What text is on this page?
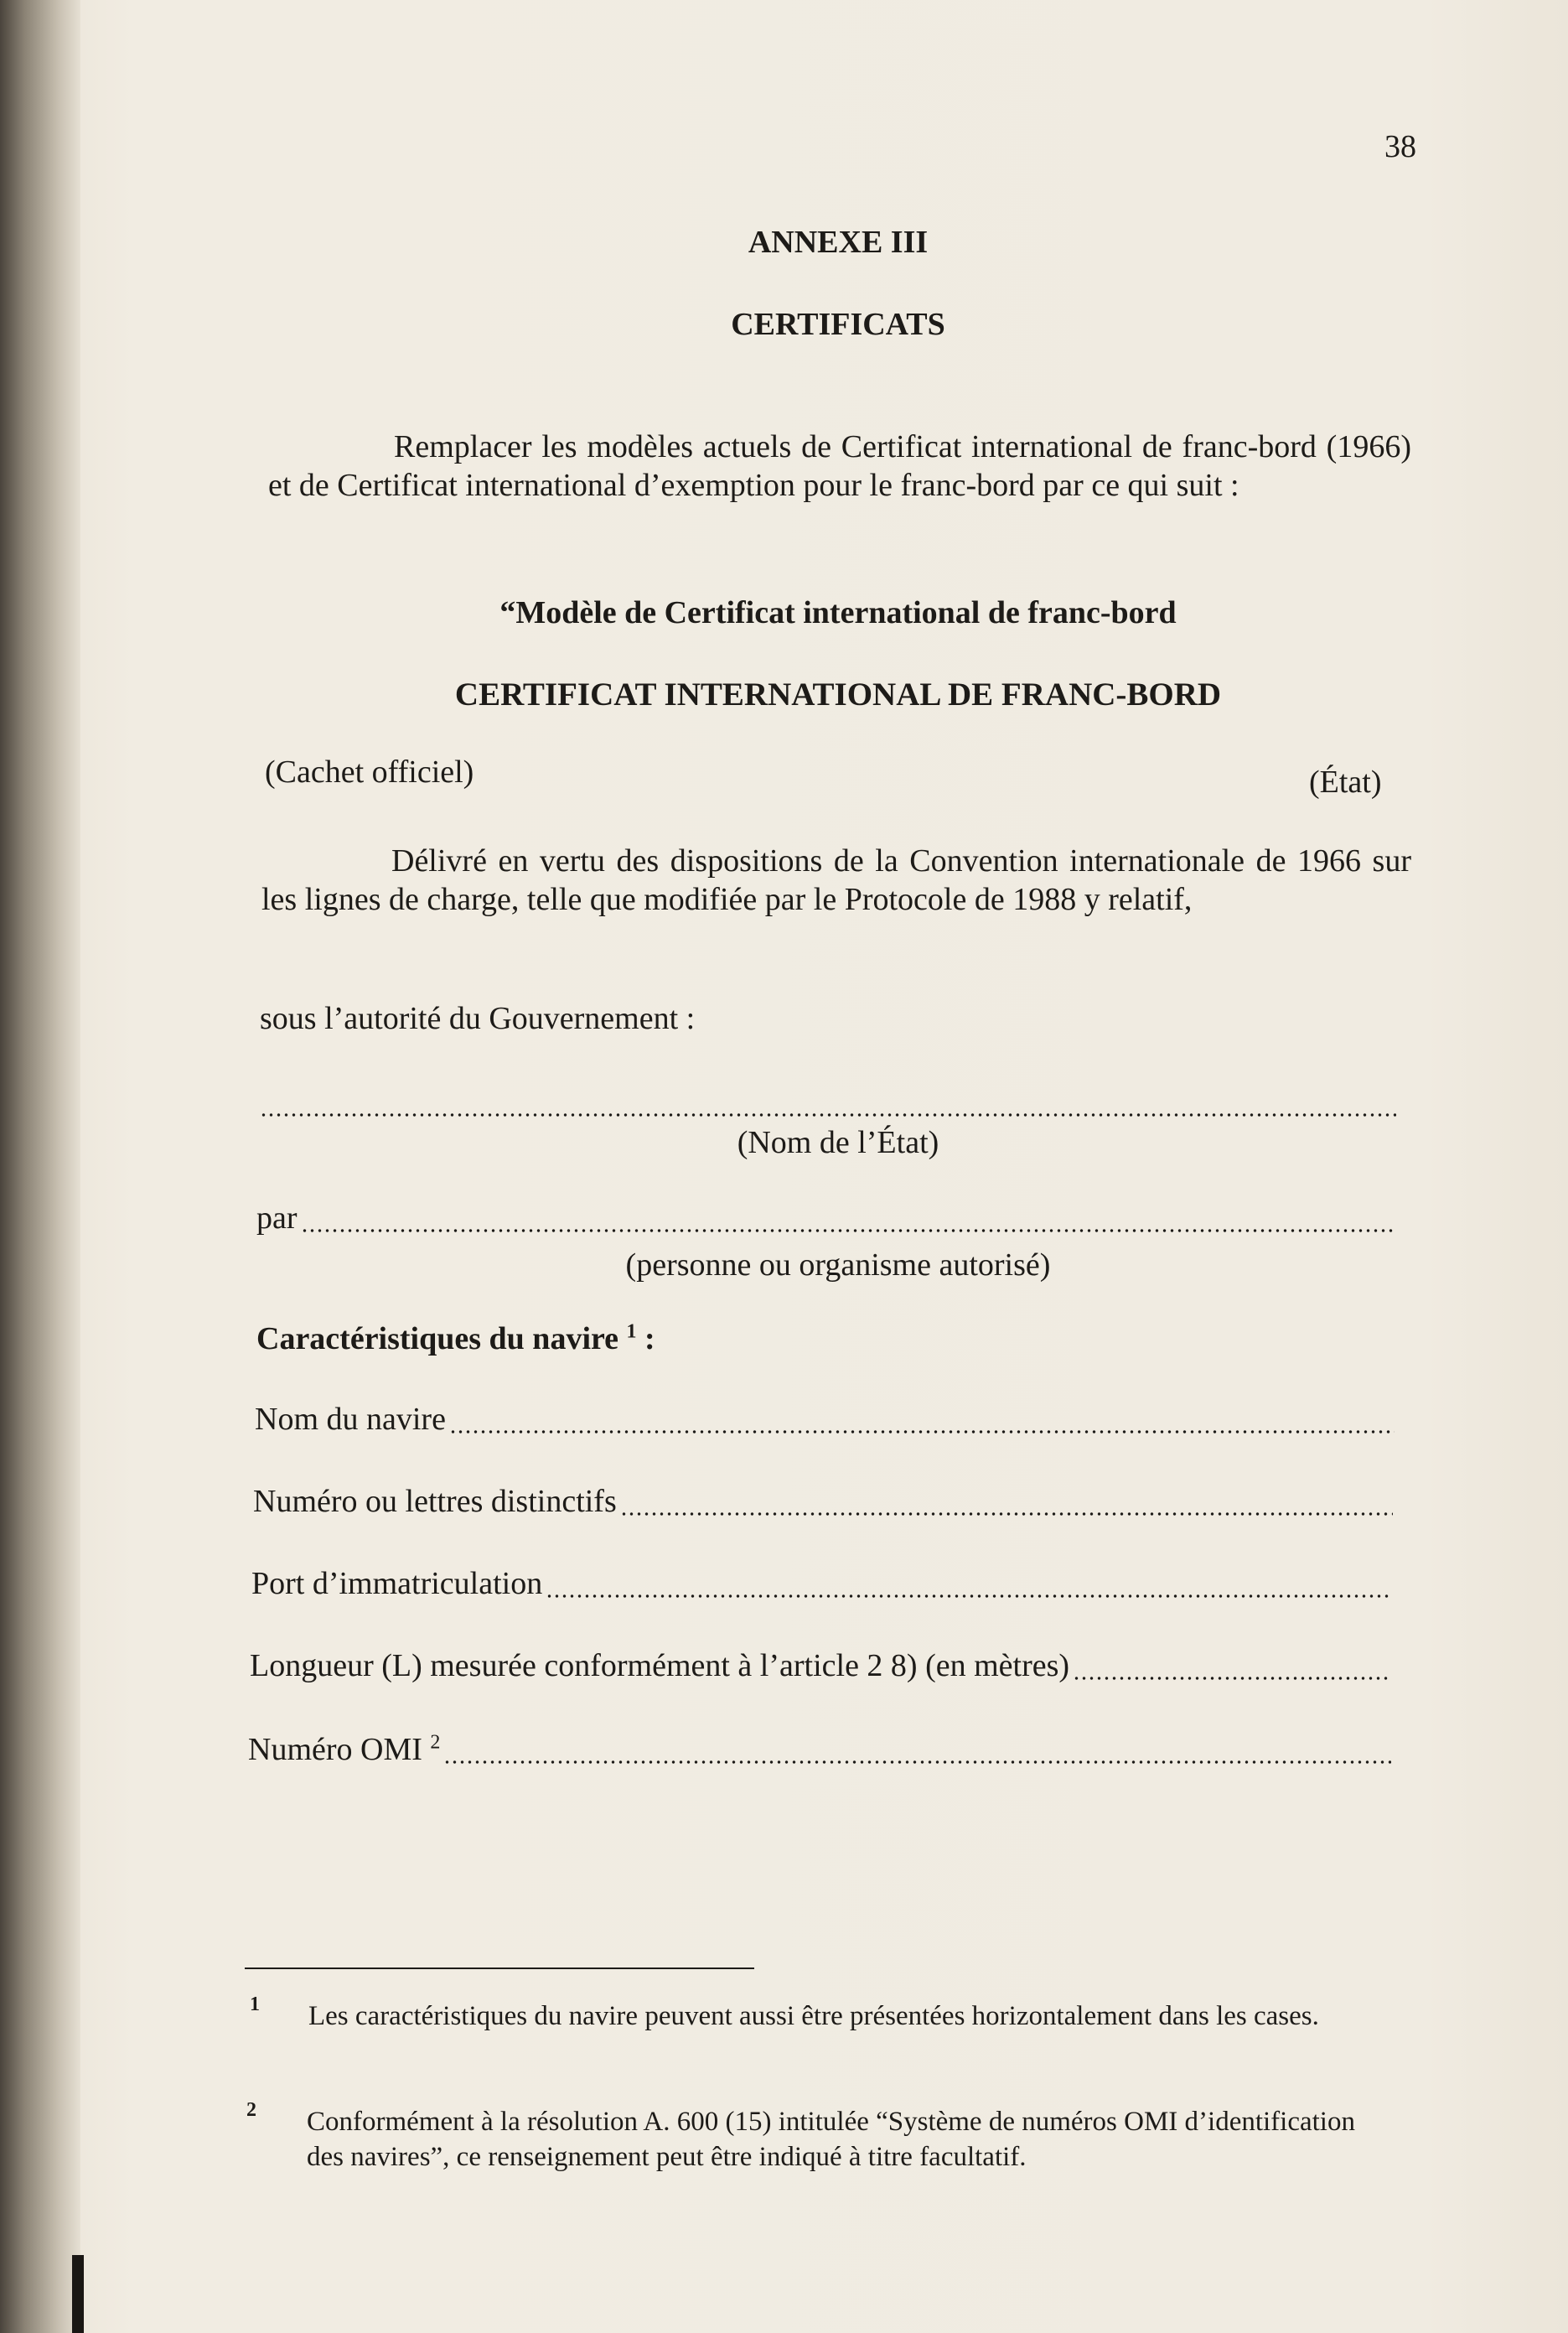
38
ANNEXE III
CERTIFICATS
Remplacer les modèles actuels de Certificat international de franc-bord (1966) et de Certificat international d’exemption pour le franc-bord par ce qui suit :
“Modèle de Certificat international de franc-bord
CERTIFICAT INTERNATIONAL DE FRANC-BORD
(Cachet officiel)	(État)
Délivré en vertu des dispositions de la Convention internationale de 1966 sur les lignes de charge, telle que modifiée par le Protocole de 1988 y relatif,
sous l’autorité du Gouvernement :
(Nom de l’État)
par
(personne ou organisme autorisé)
Caractéristiques du navire $^1$ :
Nom du navire
Numéro ou lettres distinctifs
Port d’immatriculation
Longueur (L) mesurée conformément à l’article 2 8) (en mètres)
Numéro OMI $^2$
1 Les caractéristiques du navire peuvent aussi être présentées horizontalement dans les cases.
2 Conformément à la résolution A. 600 (15) intitulée “Système de numéros OMI d’identification des navires”, ce renseignement peut être indiqué à titre facultatif.
